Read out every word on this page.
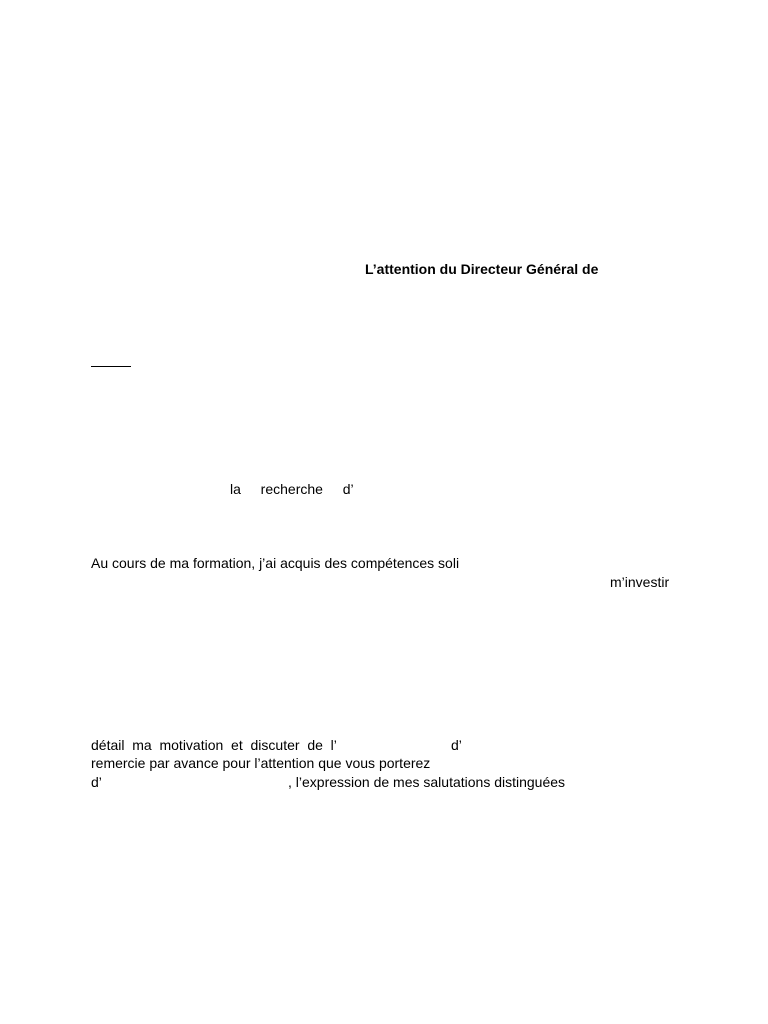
L’attention du Directeur Général de
la  recherche  d’
Au cours de ma formation, j’ai acquis des compétences soli
m’investir
détail  ma  motivation  et  discuter  de  l’	d’
remercie par avance pour l’attention que vous porterez
d’	, l’expression de mes salutations distinguées
